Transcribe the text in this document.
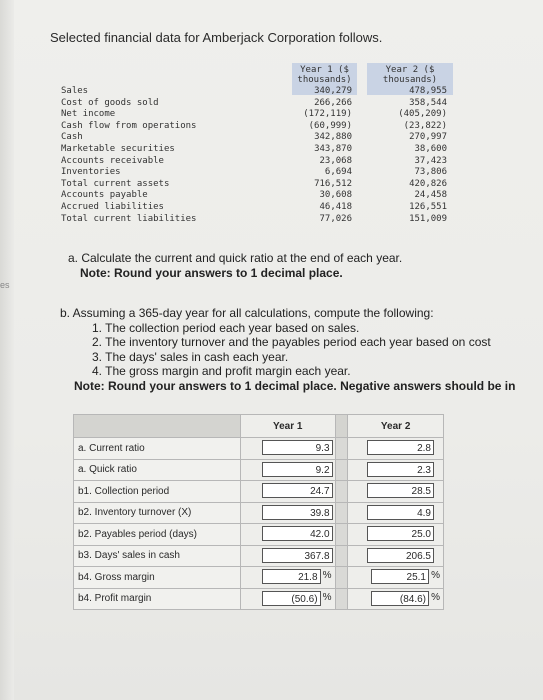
es
Selected financial data for Amberjack Corporation follows.
Year 1 ($
thousands)
Year 2 ($
thousands)
Sales	340,279	478,955
Cost of goods sold	266,266	358,544
Net income	(172,119)	(405,209)
Cash flow from operations	(60,999)	(23,822)
Cash	342,880	270,997
Marketable securities	343,870	38,600
Accounts receivable	23,068	37,423
Inventories	6,694	73,806
Total current assets	716,512	420,826
Accounts payable	30,608	24,458
Accrued liabilities	46,418	126,551
Total current liabilities	77,026	151,009
a. Calculate the current and quick ratio at the end of each year.
Note: Round your answers to 1 decimal place.
b. Assuming a 365-day year for all calculations, compute the following:
1. The collection period each year based on sales.
2. The inventory turnover and the payables period each year based on cost
3. The days' sales in cash each year.
4. The gross margin and profit margin each year.
Note: Round your answers to 1 decimal place. Negative answers should be in
	Year 1		Year 2
a. Current ratio	9.3		2.8

a. Quick ratio	9.2		2.3

b1. Collection period	24.7		28.5

b2. Inventory turnover (X)	39.8		4.9

b2. Payables period (days)	42.0		25.0

b3. Days' sales in cash	367.8		206.5

b4. Gross margin	21.8 %		25.1 %

b4. Profit margin	(50.6) %		(84.6) %
